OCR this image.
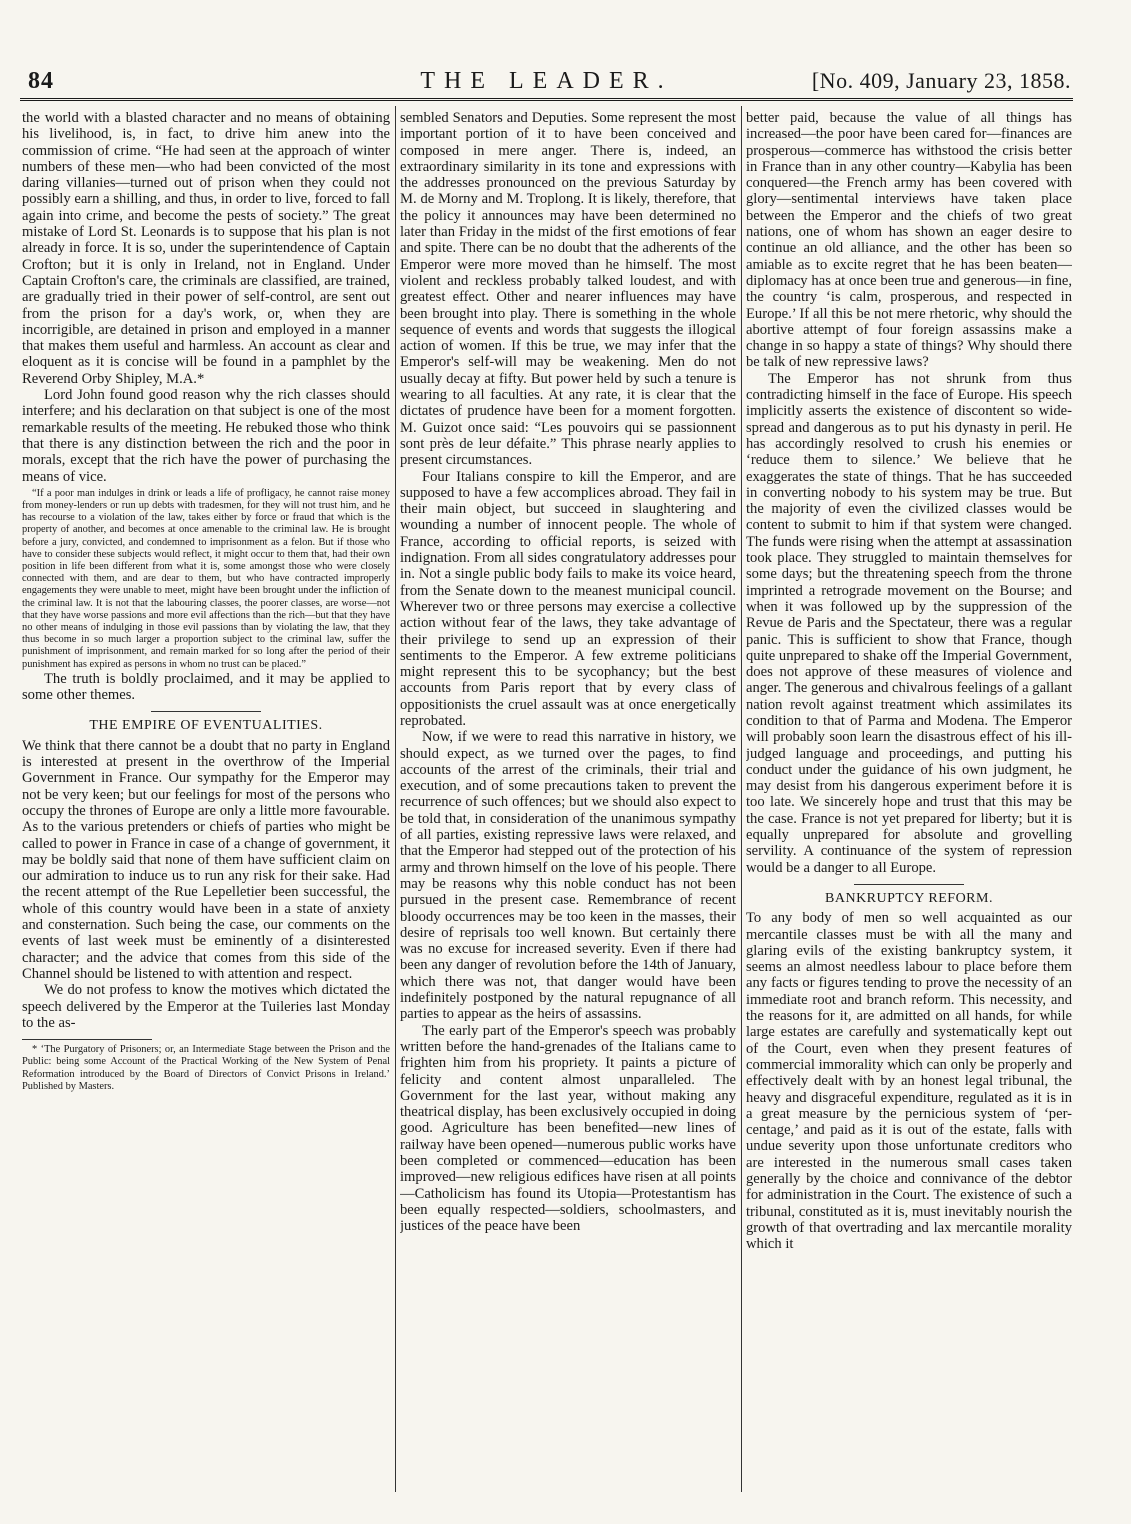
84	THE LEADER.	[No. 409, January 23, 1858.

the world with a blasted character and no means of obtaining his livelihood, is, in fact, to drive him anew into the commission of crime. “He had seen at the approach of winter numbers of these men—who had been convicted of the most daring villanies—turned out of prison when they could not possibly earn a shilling, and thus, in order to live, forced to fall again into crime, and become the pests of society.” The great mistake of Lord St. Leonards is to suppose that his plan is not already in force. It is so, under the superintendence of Captain Crofton; but it is only in Ireland, not in England. Under Captain Crofton's care, the criminals are classified, are trained, are gradually tried in their power of self-control, are sent out from the prison for a day's work, or, when they are incorrigible, are detained in prison and employed in a manner that makes them useful and harmless. An account as clear and eloquent as it is concise will be found in a pamphlet by the Reverend Orby Shipley, M.A.*

Lord John found good reason why the rich classes should interfere; and his declaration on that subject is one of the most remarkable results of the meeting. He rebuked those who think that there is any distinction between the rich and the poor in morals, except that the rich have the power of purchasing the means of vice.

“If a poor man indulges in drink or leads a life of profligacy, he cannot raise money from money-lenders or run up debts with tradesmen, for they will not trust him, and he has recourse to a violation of the law, takes either by force or fraud that which is the property of another, and becomes at once amenable to the criminal law. He is brought before a jury, convicted, and condemned to imprisonment as a felon. But if those who have to consider these subjects would reflect, it might occur to them that, had their own position in life been different from what it is, some amongst those who were closely connected with them, and are dear to them, but who have contracted improperly engagements they were unable to meet, might have been brought under the infliction of the criminal law. It is not that the labouring classes, the poorer classes, are worse—not that they have worse passions and more evil affections than the rich—but that they have no other means of indulging in those evil passions than by violating the law, that they thus become in so much larger a proportion subject to the criminal law, suffer the punishment of imprisonment, and remain marked for so long after the period of their punishment has expired as persons in whom no trust can be placed.”

The truth is boldly proclaimed, and it may be applied to some other themes.

THE EMPIRE OF EVENTUALITIES.

We think that there cannot be a doubt that no party in England is interested at present in the overthrow of the Imperial Government in France. Our sympathy for the Emperor may not be very keen; but our feelings for most of the persons who occupy the thrones of Europe are only a little more favourable. As to the various pretenders or chiefs of parties who might be called to power in France in case of a change of government, it may be boldly said that none of them have sufficient claim on our admiration to induce us to run any risk for their sake. Had the recent attempt of the Rue Lepelletier been successful, the whole of this country would have been in a state of anxiety and consternation. Such being the case, our comments on the events of last week must be eminently of a disinterested character; and the advice that comes from this side of the Channel should be listened to with attention and respect.

We do not profess to know the motives which dictated the speech delivered by the Emperor at the Tuileries last Monday to the as-

* ‘The Purgatory of Prisoners; or, an Intermediate Stage between the Prison and the Public: being some Account of the Practical Working of the New System of Penal Reformation introduced by the Board of Directors of Convict Prisons in Ireland.’ Published by Masters.

sembled Senators and Deputies. Some represent the most important portion of it to have been conceived and composed in mere anger. There is, indeed, an extraordinary similarity in its tone and expressions with the addresses pronounced on the previous Saturday by M. de Morny and M. Troplong. It is likely, therefore, that the policy it announces may have been determined no later than Friday in the midst of the first emotions of fear and spite. There can be no doubt that the adherents of the Emperor were more moved than he himself. The most violent and reckless probably talked loudest, and with greatest effect. Other and nearer influences may have been brought into play. There is something in the whole sequence of events and words that suggests the illogical action of women. If this be true, we may infer that the Emperor's self-will may be weakening. Men do not usually decay at fifty. But power held by such a tenure is wearing to all faculties. At any rate, it is clear that the dictates of prudence have been for a moment forgotten. M. Guizot once said: “Les pouvoirs qui se passionnent sont près de leur défaite.” This phrase nearly applies to present circumstances.

Four Italians conspire to kill the Emperor, and are supposed to have a few accomplices abroad. They fail in their main object, but succeed in slaughtering and wounding a number of innocent people. The whole of France, according to official reports, is seized with indignation. From all sides congratulatory addresses pour in. Not a single public body fails to make its voice heard, from the Senate down to the meanest municipal council. Wherever two or three persons may exercise a collective action without fear of the laws, they take advantage of their privilege to send up an expression of their sentiments to the Emperor. A few extreme politicians might represent this to be sycophancy; but the best accounts from Paris report that by every class of oppositionists the cruel assault was at once energetically reprobated.

Now, if we were to read this narrative in history, we should expect, as we turned over the pages, to find accounts of the arrest of the criminals, their trial and execution, and of some precautions taken to prevent the recurrence of such offences; but we should also expect to be told that, in consideration of the unanimous sympathy of all parties, existing repressive laws were relaxed, and that the Emperor had stepped out of the protection of his army and thrown himself on the love of his people. There may be reasons why this noble conduct has not been pursued in the present case. Remembrance of recent bloody occurrences may be too keen in the masses, their desire of reprisals too well known. But certainly there was no excuse for increased severity. Even if there had been any danger of revolution before the 14th of January, which there was not, that danger would have been indefinitely postponed by the natural repugnance of all parties to appear as the heirs of assassins.

The early part of the Emperor's speech was probably written before the hand-grenades of the Italians came to frighten him from his propriety. It paints a picture of felicity and content almost unparalleled. The Government for the last year, without making any theatrical display, has been exclusively occupied in doing good. Agriculture has been benefited—new lines of railway have been opened—numerous public works have been completed or commenced—education has been improved—new religious edifices have risen at all points—Catholicism has found its Utopia—Protestantism has been equally respected—soldiers, schoolmasters, and justices of the peace have been

better paid, because the value of all things has increased—the poor have been cared for—finances are prosperous—commerce has withstood the crisis better in France than in any other country—Kabylia has been conquered—the French army has been covered with glory—sentimental interviews have taken place between the Emperor and the chiefs of two great nations, one of whom has shown an eager desire to continue an old alliance, and the other has been so amiable as to excite regret that he has been beaten—diplomacy has at once been true and generous—in fine, the country ‘is calm, prosperous, and respected in Europe.’ If all this be not mere rhetoric, why should the abortive attempt of four foreign assassins make a change in so happy a state of things? Why should there be talk of new repressive laws?

The Emperor has not shrunk from thus contradicting himself in the face of Europe. His speech implicitly asserts the existence of discontent so wide-spread and dangerous as to put his dynasty in peril. He has accordingly resolved to crush his enemies or ‘reduce them to silence.’ We believe that he exaggerates the state of things. That he has succeeded in converting nobody to his system may be true. But the majority of even the civilized classes would be content to submit to him if that system were changed. The funds were rising when the attempt at assassination took place. They struggled to maintain themselves for some days; but the threatening speech from the throne imprinted a retrograde movement on the Bourse; and when it was followed up by the suppression of the Revue de Paris and the Spectateur, there was a regular panic. This is sufficient to show that France, though quite unprepared to shake off the Imperial Government, does not approve of these measures of violence and anger. The generous and chivalrous feelings of a gallant nation revolt against treatment which assimilates its condition to that of Parma and Modena. The Emperor will probably soon learn the disastrous effect of his ill-judged language and proceedings, and putting his conduct under the guidance of his own judgment, he may desist from his dangerous experiment before it is too late. We sincerely hope and trust that this may be the case. France is not yet prepared for liberty; but it is equally unprepared for absolute and grovelling servility. A continuance of the system of repression would be a danger to all Europe.

BANKRUPTCY REFORM.

To any body of men so well acquainted as our mercantile classes must be with all the many and glaring evils of the existing bankruptcy system, it seems an almost needless labour to place before them any facts or figures tending to prove the necessity of an immediate root and branch reform. This necessity, and the reasons for it, are admitted on all hands, for while large estates are carefully and systematically kept out of the Court, even when they present features of commercial immorality which can only be properly and effectively dealt with by an honest legal tribunal, the heavy and disgraceful expenditure, regulated as it is in a great measure by the pernicious system of ‘per-centage,’ and paid as it is out of the estate, falls with undue severity upon those unfortunate creditors who are interested in the numerous small cases taken generally by the choice and connivance of the debtor for administration in the Court. The existence of such a tribunal, constituted as it is, must inevitably nourish the growth of that overtrading and lax mercantile morality which it
